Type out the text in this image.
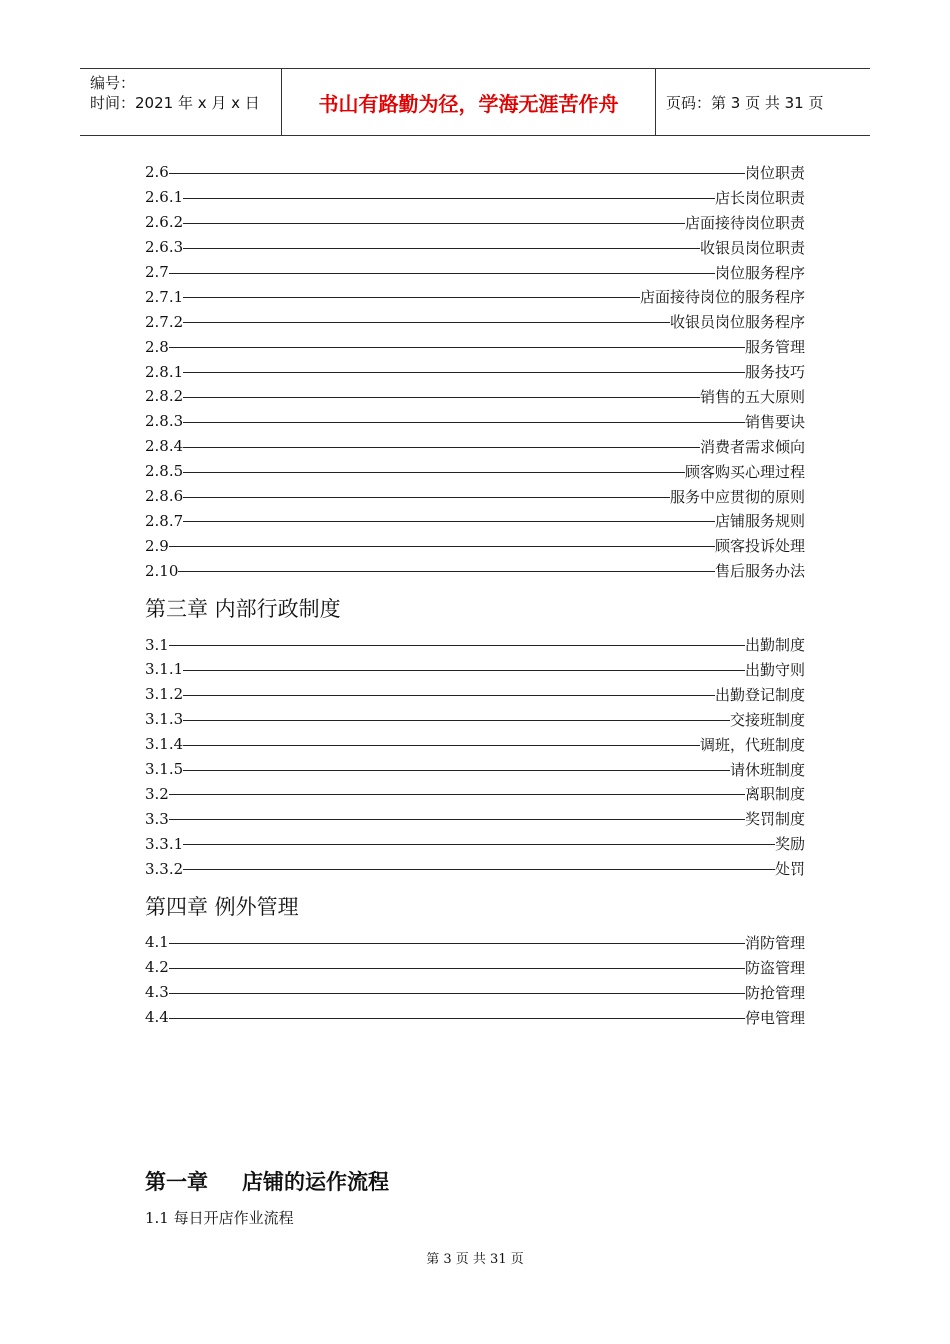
编号：
时间：2021 年 x 月 x 日	书山有路勤为径，学海无涯苦作舟	页码：第 3 页 共 31 页
2.6	岗位职责
2.6.1	店长岗位职责
2.6.2	店面接待岗位职责
2.6.3	收银员岗位职责
2.7	岗位服务程序
2.7.1	店面接待岗位的服务程序
2.7.2	收银员岗位服务程序
2.8	服务管理
2.8.1	服务技巧
2.8.2	销售的五大原则
2.8.3	销售要诀
2.8.4	消费者需求倾向
2.8.5	顾客购买心理过程
2.8.6	服务中应贯彻的原则
2.8.7	店铺服务规则
2.9	顾客投诉处理
2.10	售后服务办法
第三章 内部行政制度
3.1	出勤制度
3.1.1	出勤守则
3.1.2	出勤登记制度
3.1.3	交接班制度
3.1.4	调班，代班制度
3.1.5	请休班制度
3.2	离职制度
3.3	奖罚制度
3.3.1	奖励
3.3.2	处罚
第四章 例外管理
4.1	消防管理
4.2	防盗管理
4.3	防抢管理
4.4	停电管理
第一章 店铺的运作流程
1.1 每日开店作业流程
第 3 页 共 31 页
